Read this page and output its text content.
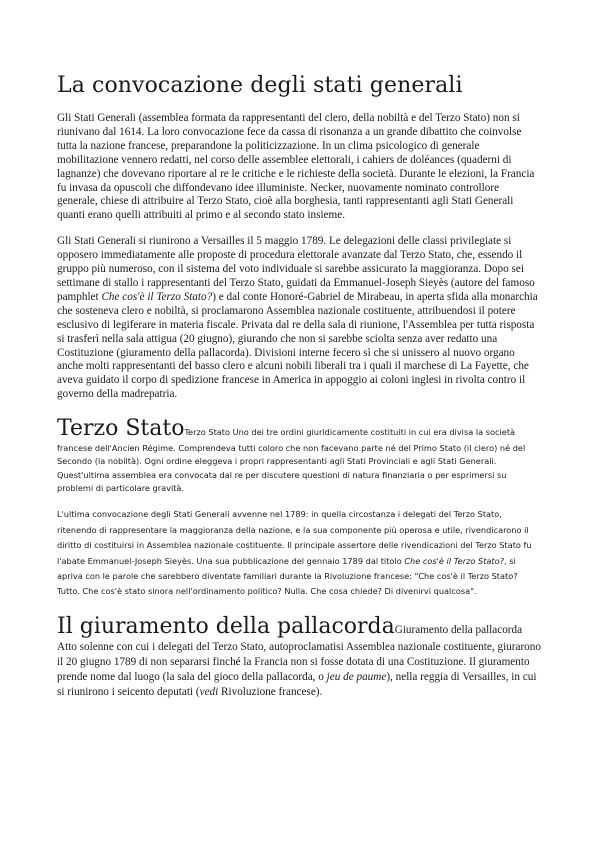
La convocazione degli stati generali

Gli Stati Generali (assemblea formata da rappresentanti del clero, della nobiltà e del Terzo Stato) non si riunivano dal 1614. La loro convocazione fece da cassa di risonanza a un grande dibattito che coinvolse tutta la nazione francese, preparandone la politicizzazione. In un clima psicologico di generale mobilitazione vennero redatti, nel corso delle assemblee elettorali, i cahiers de doléances (quaderni di lagnanze) che dovevano riportare al re le critiche e le richieste della società. Durante le elezioni, la Francia fu invasa da opuscoli che diffondevano idee illuministe. Necker, nuovamente nominato controllore generale, chiese di attribuire al Terzo Stato, cioè alla borghesia, tanti rappresentanti agli Stati Generali quanti erano quelli attribuiti al primo e al secondo stato insieme.

Gli Stati Generali si riunirono a Versailles il 5 maggio 1789. Le delegazioni delle classi privilegiate si opposero immediatamente alle proposte di procedura elettorale avanzate dal Terzo Stato, che, essendo il gruppo più numeroso, con il sistema del voto individuale si sarebbe assicurato la maggioranza. Dopo sei settimane di stallo i rappresentanti del Terzo Stato, guidati da Emmanuel-Joseph Sieyès (autore del famoso pamphlet Che cos'è il Terzo Stato?) e dal conte Honoré-Gabriel de Mirabeau, in aperta sfida alla monarchia che sosteneva clero e nobiltà, si proclamarono Assemblea nazionale costituente, attribuendosi il potere esclusivo di legiferare in materia fiscale. Privata dal re della sala di riunione, l'Assemblea per tutta risposta si trasferì nella sala attigua (20 giugno), giurando che non si sarebbe sciolta senza aver redatto una Costituzione (giuramento della pallacorda). Divisioni interne fecero sì che si unissero al nuovo organo anche molti rappresentanti del basso clero e alcuni nobili liberali tra i quali il marchese di La Fayette, che aveva guidato il corpo di spedizione francese in America in appoggio ai coloni inglesi in rivolta contro il governo della madrepatria.

Terzo StatoTerzo Stato Uno dei tre ordini giuridicamente costituiti in cui era divisa la società francese dell'Ancien Régime. Comprendeva tutti coloro che non facevano parte né del Primo Stato (il clero) né del Secondo (la nobiltà). Ogni ordine eleggeva i propri rappresentanti agli Stati Provinciali e agli Stati Generali. Quest'ultima assemblea era convocata dal re per discutere questioni di natura finanziaria o per esprimersi su problemi di particolare gravità.

L'ultima convocazione degli Stati Generali avvenne nel 1789: in quella circostanza i delegati del Terzo Stato, ritenendo di rappresentare la maggioranza della nazione, e la sua componente più operosa e utile, rivendicarono il diritto di costituirsi in Assemblea nazionale costituente. Il principale assertore delle rivendicazioni del Terzo Stato fu l'abate Emmanuel-Joseph Sieyès. Una sua pubblicazione del gennaio 1789 dal titolo Che cos'è il Terzo Stato?, si apriva con le parole che sarebbero diventate familiari durante la Rivoluzione francese: "Che cos'è il Terzo Stato? Tutto. Che cos'è stato sinora nell'ordinamento politico? Nulla. Che cosa chiede? Di divenirvi qualcosa".

Il giuramento della pallacordaGiuramento della pallacorda Atto solenne con cui i delegati del Terzo Stato, autoproclamatisi Assemblea nazionale costituente, giurarono il 20 giugno 1789 di non separarsi finché la Francia non si fosse dotata di una Costituzione. Il giuramento prende nome dal luogo (la sala del gioco della pallacorda, o jeu de paume), nella reggia di Versailles, in cui si riunirono i seicento deputati (vedi Rivoluzione francese).
